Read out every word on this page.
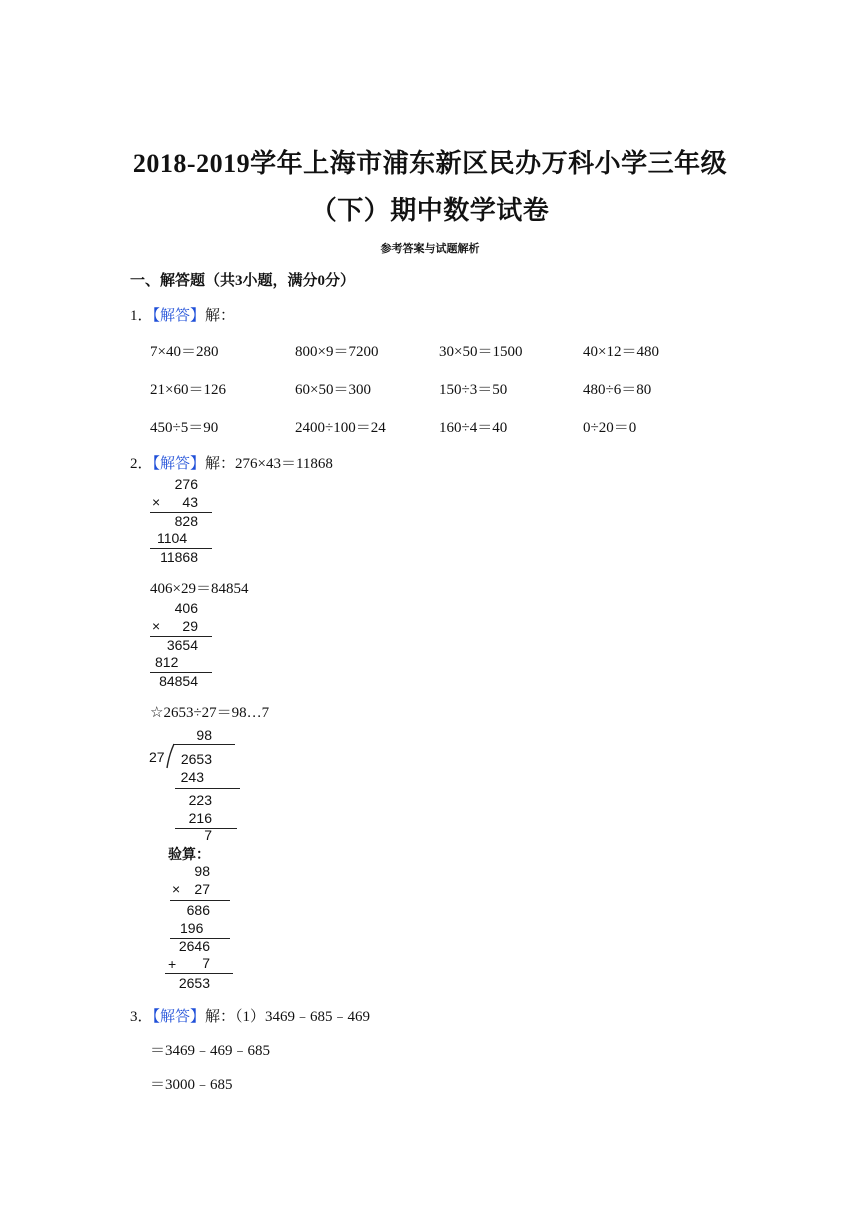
2018-2019学年上海市浦东新区民办万科小学三年级
（下）期中数学试卷
参考答案与试题解析
一、解答题（共3小题，满分0分）
1．【解答】解：
7×40＝280	800×9＝7200	30×50＝1500	40×12＝480
21×60＝126	60×50＝300	150÷3＝50	480÷6＝80
450÷5＝90	2400÷100＝24	160÷4＝40	0÷20＝0
2．【解答】解：276×43＝11868
276
×	43
828
1104
11868
406×29＝84854
406
×	29
3654
812
84854
☆2653÷27＝98…7
98
27	2653
243
223
216
7
验算：
98
×	27
686
196
2646
+	7
2653
3．【解答】解：（1）3469﹣685﹣469
＝3469﹣469﹣685
＝3000﹣685
